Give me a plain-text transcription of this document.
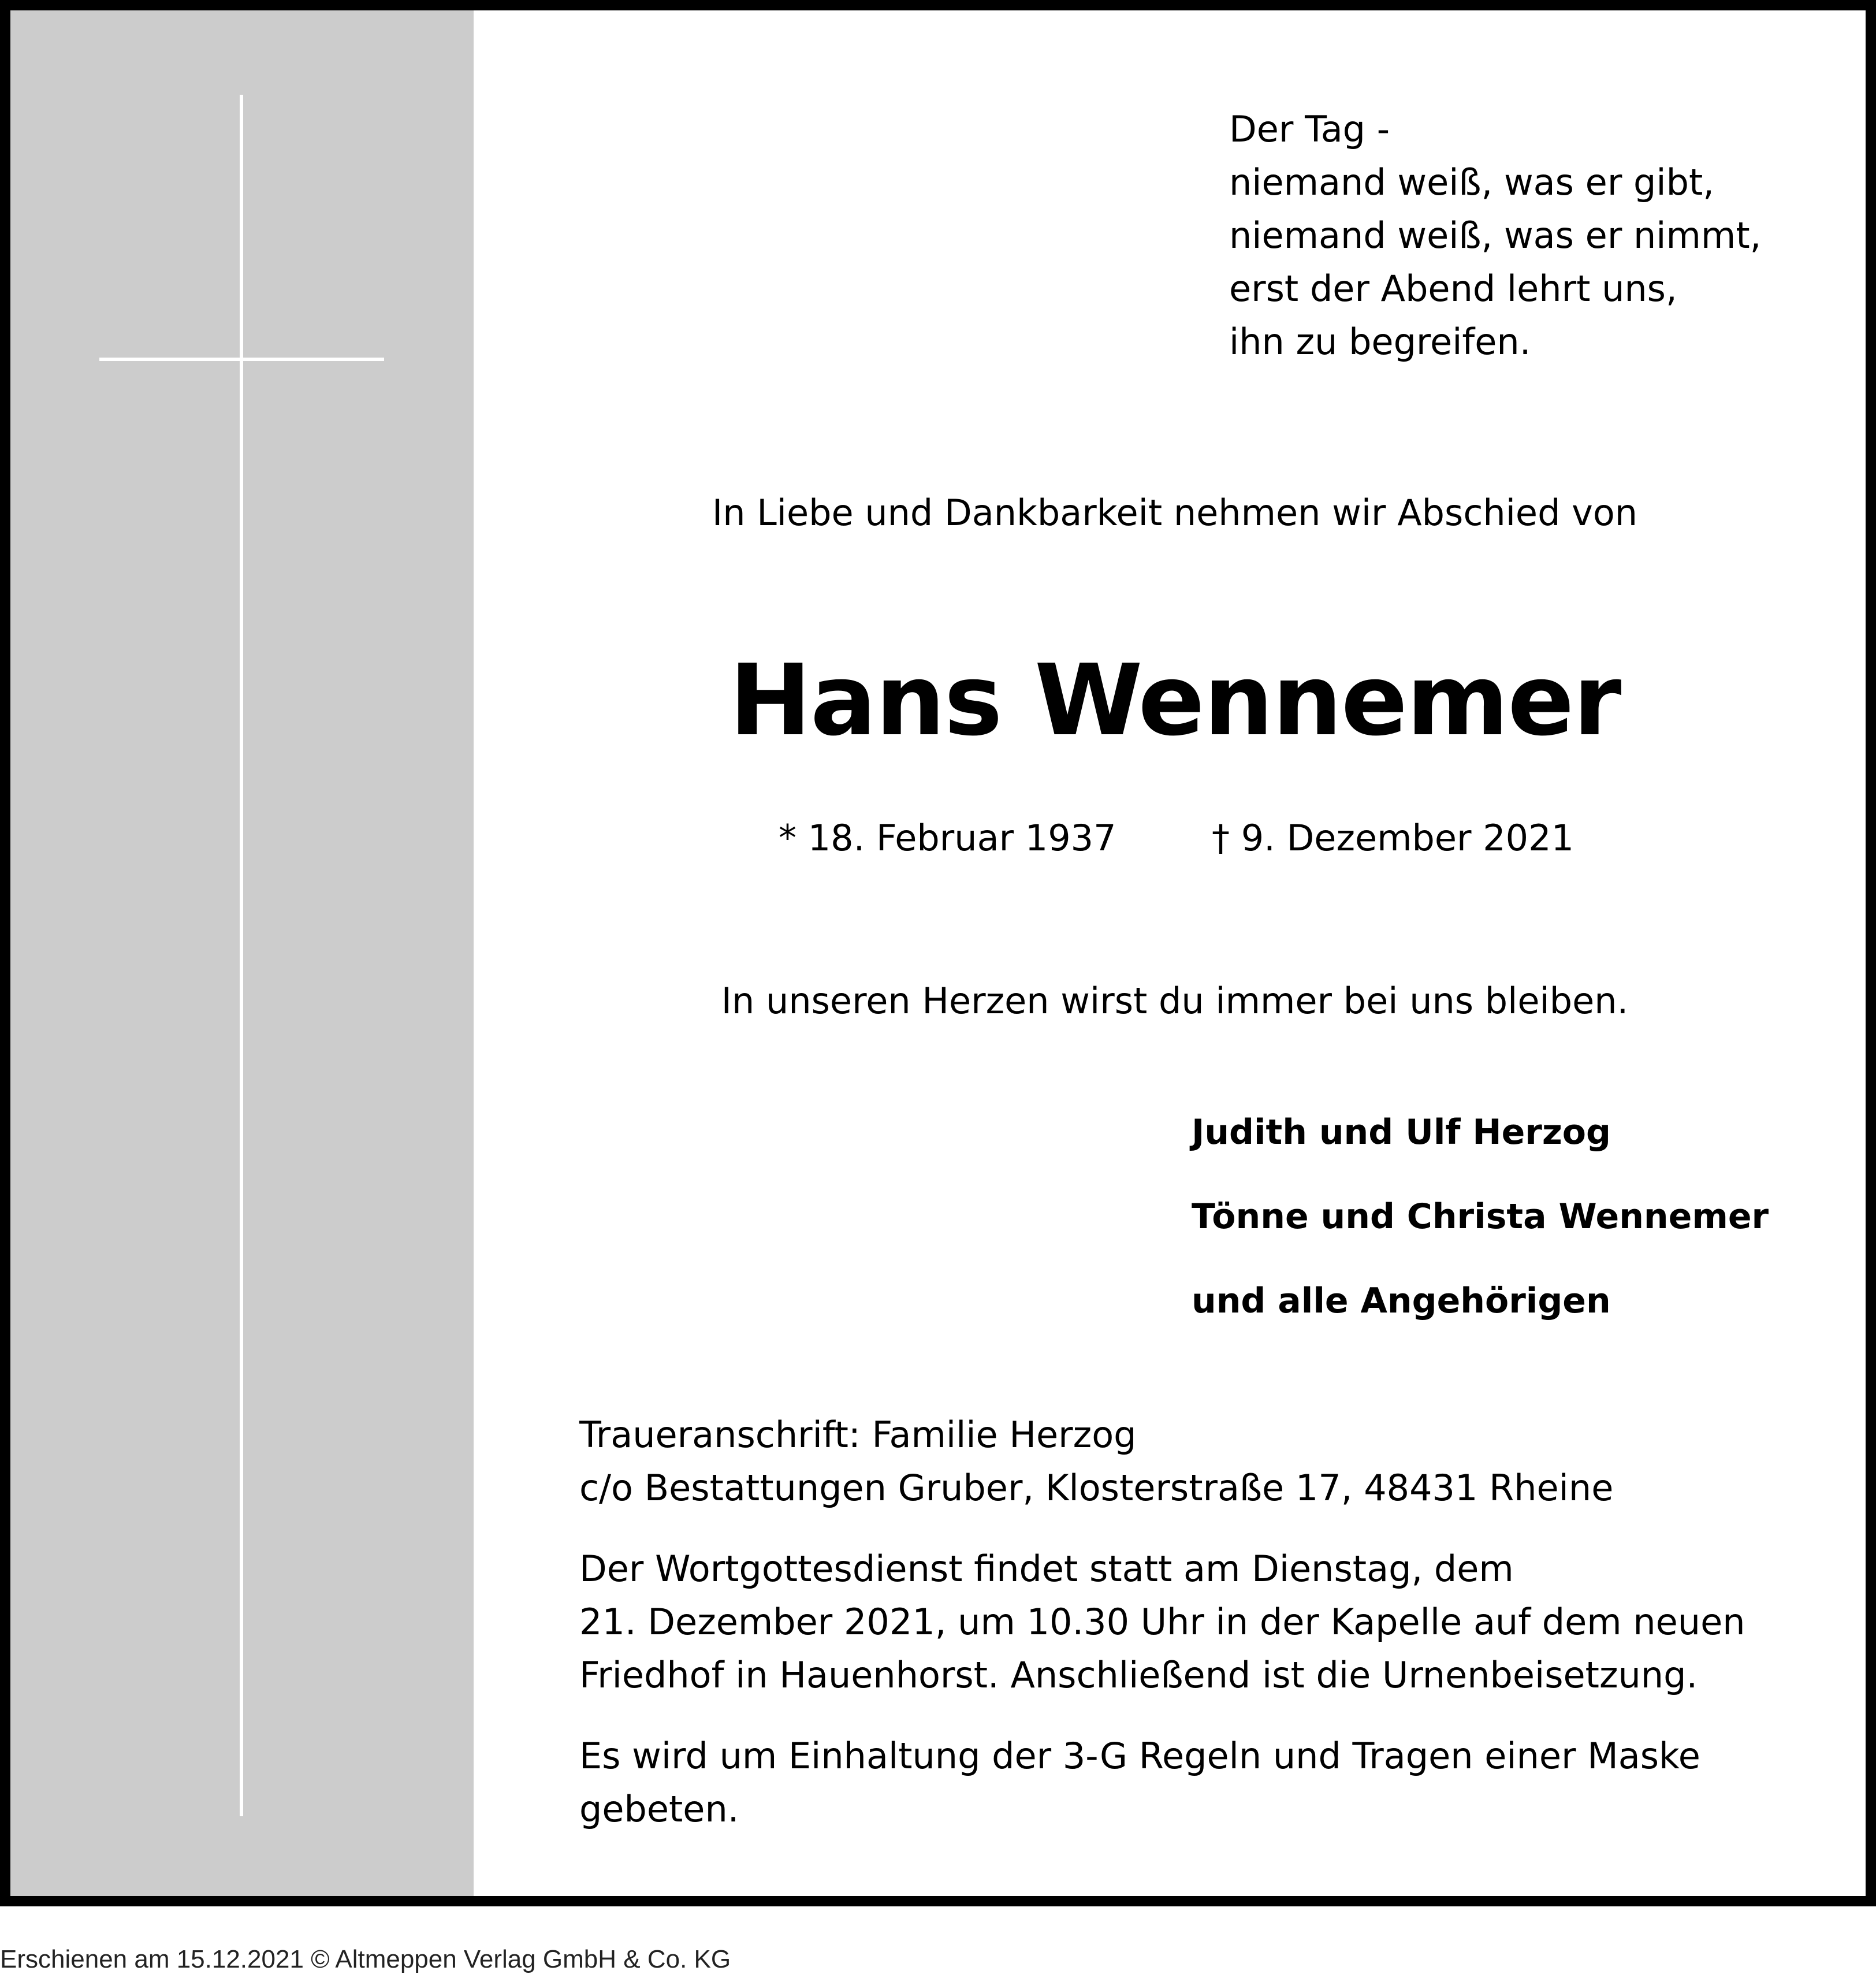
Der Tag -
niemand weiß, was er gibt,
niemand weiß, was er nimmt,
erst der Abend lehrt uns,
ihn zu begreifen.
In Liebe und Dankbarkeit nehmen wir Abschied von
Hans Wennemer
* 18. Februar 1937	† 9. Dezember 2021
In unseren Herzen wirst du immer bei uns bleiben.
Judith und Ulf Herzog
Tönne und Christa Wennemer
und alle Angehörigen
Traueranschrift: Familie Herzog
c/o Bestattungen Gruber, Klosterstraße 17, 48431 Rheine
Der Wortgottesdienst findet statt am Dienstag, dem
21. Dezember 2021, um 10.30 Uhr in der Kapelle auf dem neuen
Friedhof in Hauenhorst. Anschließend ist die Urnenbeisetzung.
Es wird um Einhaltung der 3-G Regeln und Tragen einer Maske
gebeten.
Erschienen am 15.12.2021 © Altmeppen Verlag GmbH & Co. KG
